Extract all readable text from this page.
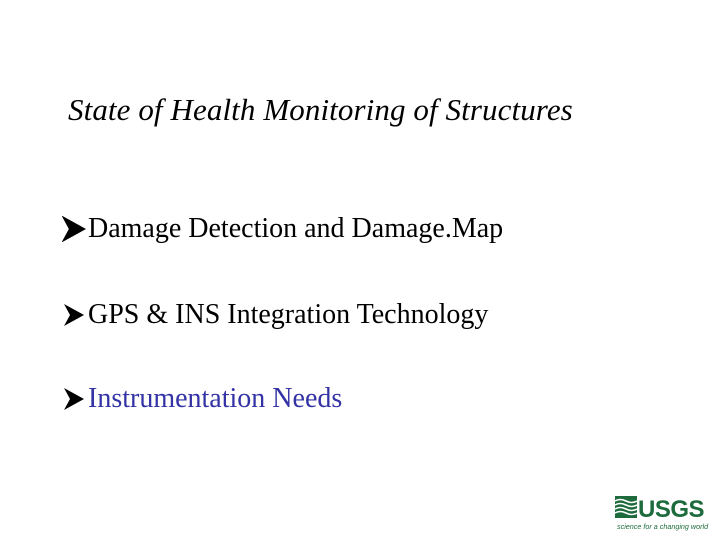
State of Health Monitoring of Structures
Damage Detection and Damage.Map
GPS & INS Integration Technology
Instrumentation Needs
USGS
science for a changing world
